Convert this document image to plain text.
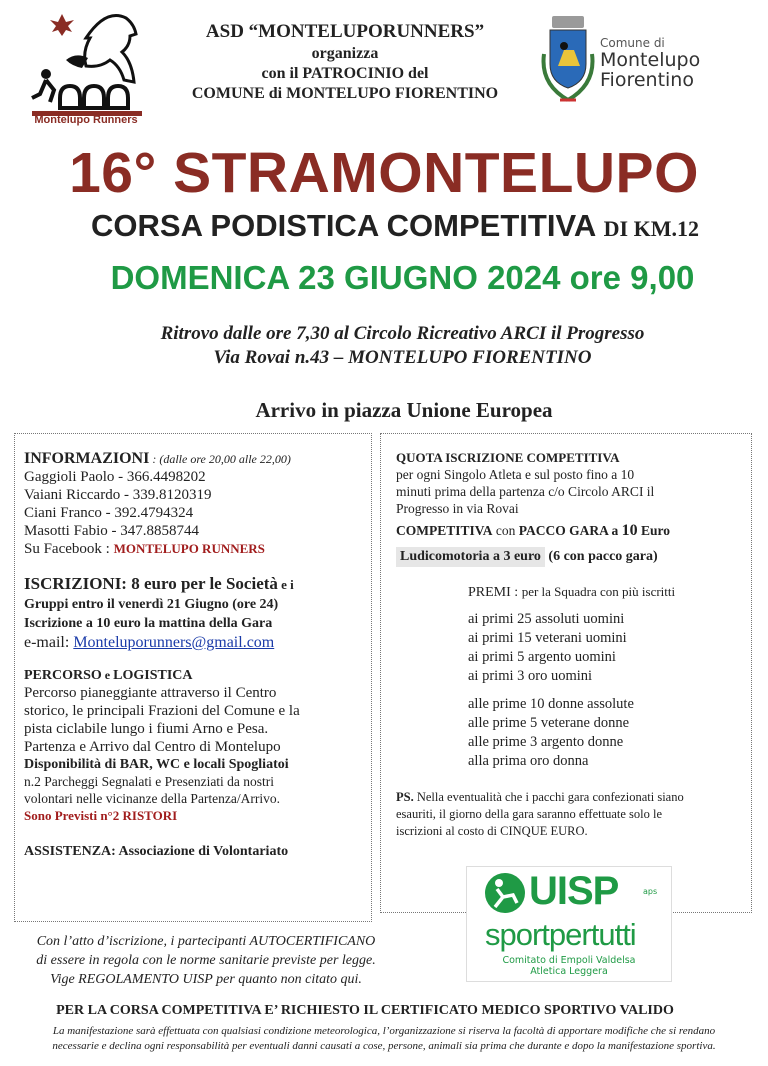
Montelupo Runners
ASD “MONTELUPORUNNERS”
organizza
con il PATROCINIO del
COMUNE di MONTELUPO FIORENTINO
Comune di
Montelupo
Fiorentino
16° STRAMONTELUPO
CORSA PODISTICA COMPETITIVA DI KM.12
DOMENICA 23 GIUGNO 2024 ore 9,00
Ritrovo dalle ore 7,30 al Circolo Ricreativo ARCI il Progresso
Via Rovai n.43 – MONTELUPO FIORENTINO
Arrivo in piazza Unione Europea
INFORMAZIONI : (dalle ore 20,00 alle 22,00)
Gaggioli Paolo - 366.4498202
Vaiani Riccardo - 339.8120319
Ciani Franco - 392.4794324
Masotti Fabio - 347.8858744
Su Facebook : MONTELUPO RUNNERS
ISCRIZIONI: 8 euro per le Società e i
Gruppi entro il venerdì 21 Giugno (ore 24)
Iscrizione a 10 euro la mattina della Gara
e-mail: Monteluporunners@gmail.com
PERCORSO e LOGISTICA
Percorso pianeggiante attraverso il Centro
storico, le principali Frazioni del Comune e la
pista ciclabile lungo i fiumi Arno e Pesa.
Partenza e Arrivo dal Centro di Montelupo
Disponibilità di BAR, WC e locali Spogliatoi
n.2 Parcheggi Segnalati e Presenziati da nostri
volontari nelle vicinanze della Partenza/Arrivo.
Sono Previsti n°2 RISTORI
ASSISTENZA: Associazione di Volontariato
QUOTA ISCRIZIONE COMPETITIVA
per ogni Singolo Atleta e sul posto fino a 10
minuti prima della partenza c/o Circolo ARCI il
Progresso in via Rovai
COMPETITIVA con PACCO GARA a 10 Euro
Ludicomotoria a 3 euro (6 con pacco gara)
PREMI : per la Squadra con più iscritti
ai primi 25 assoluti uomini
ai primi 15 veterani uomini
ai primi 5 argento uomini
ai primi 3 oro uomini
alle prime 10 donne assolute
alle prime 5 veterane donne
alle prime 3 argento donne
alla prima oro donna
PS. Nella eventualità che i pacchi gara confezionati siano
esauriti, il giorno della gara saranno effettuate solo le
iscrizioni al costo di CINQUE EURO.
UISP	aps
sportpertutti
Comitato di Empoli Valdelsa
Atletica Leggera
Con l’atto d’iscrizione, i partecipanti AUTOCERTIFICANO
di essere in regola con le norme sanitarie previste per legge.
Vige REGOLAMENTO UISP per quanto non citato qui.
PER LA CORSA COMPETITIVA E’ RICHIESTO IL CERTIFICATO MEDICO SPORTIVO VALIDO
La manifestazione sarà effettuata con qualsiasi condizione meteorologica, l’organizzazione si riserva la facoltà di apportare modifiche che si rendano
necessarie e declina ogni responsabilità per eventuali danni causati a cose, persone, animali sia prima che durante e dopo la manifestazione sportiva.
